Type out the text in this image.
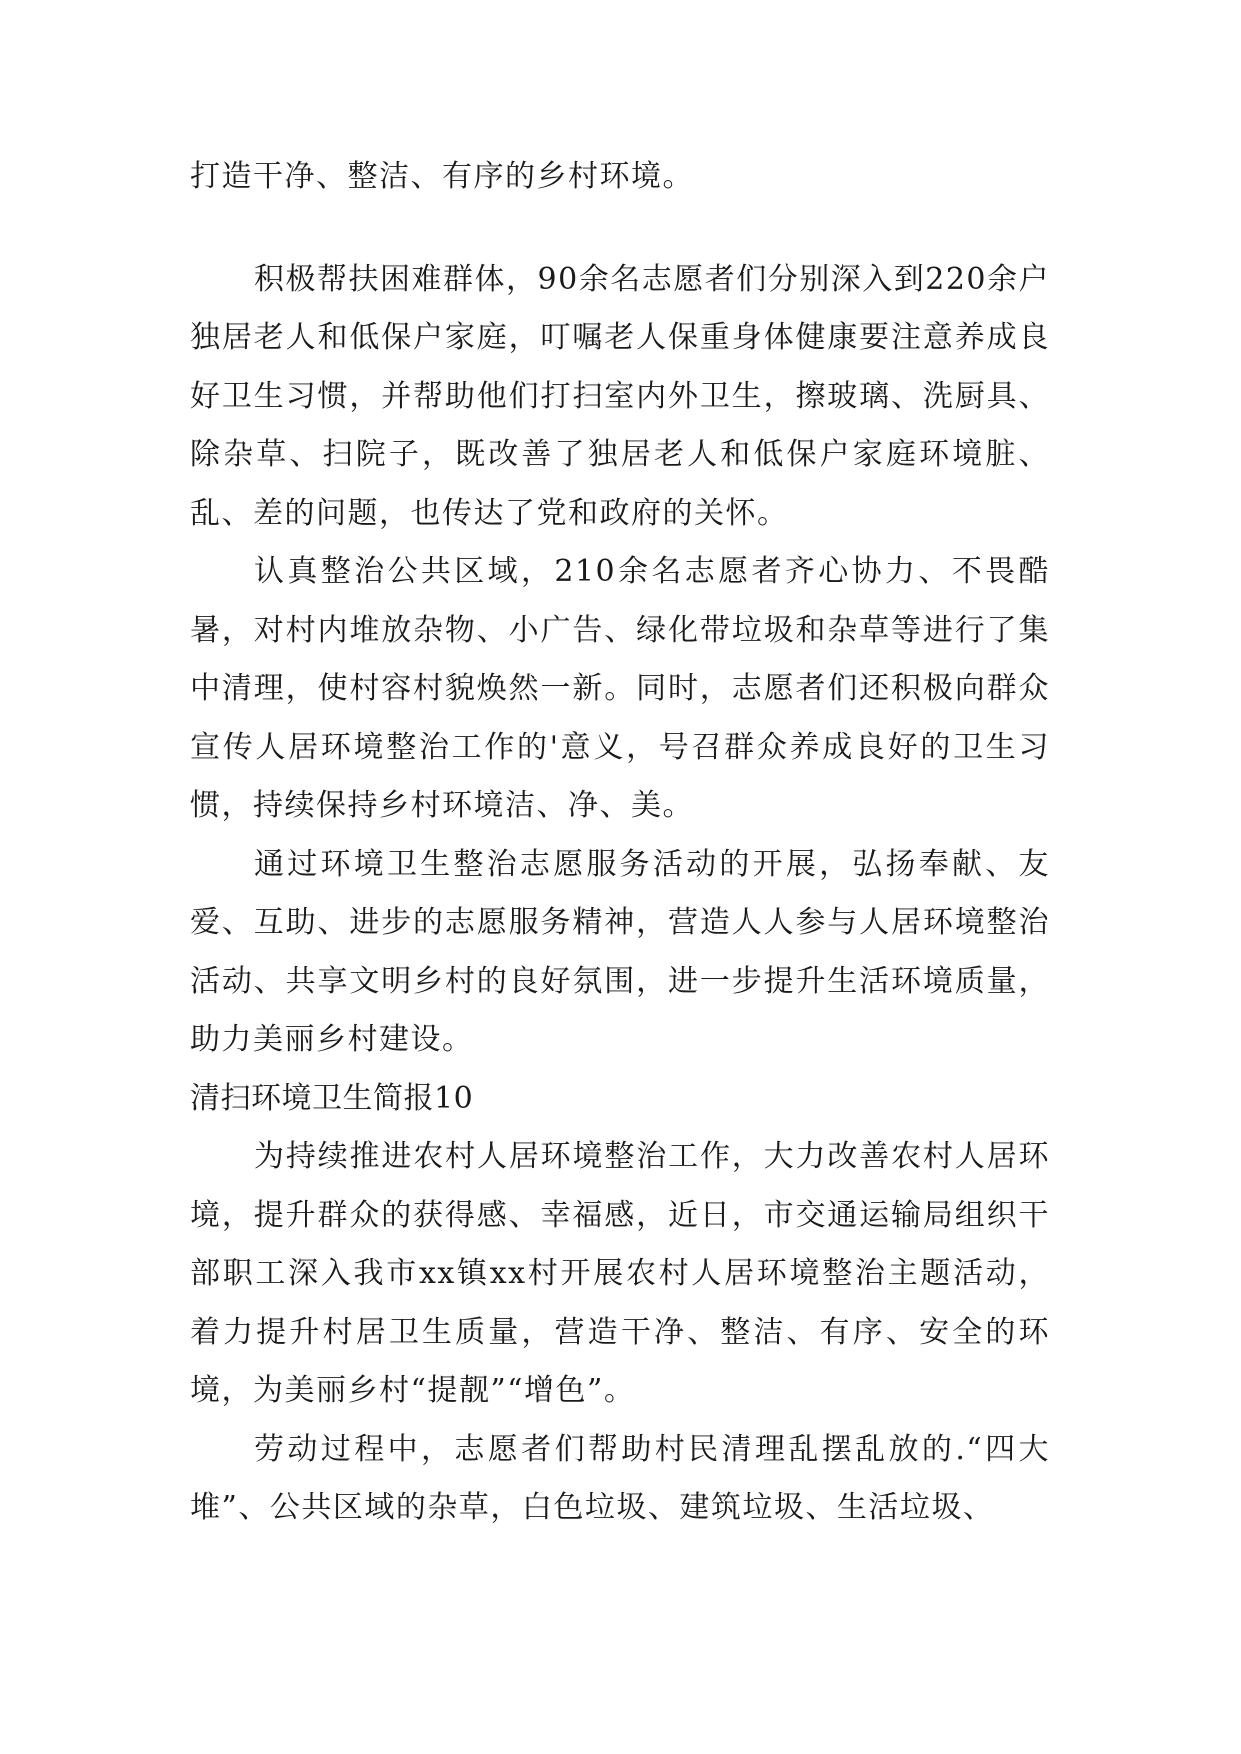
打造干净、整洁、有序的乡村环境。

积极帮扶困难群体，90余名志愿者们分别深入到220余户独居老人和低保户家庭，叮嘱老人保重身体健康要注意养成良好卫生习惯，并帮助他们打扫室内外卫生，擦玻璃、洗厨具、除杂草、扫院子，既改善了独居老人和低保户家庭环境脏、乱、差的问题，也传达了党和政府的关怀。

认真整治公共区域，210余名志愿者齐心协力、不畏酷暑，对村内堆放杂物、小广告、绿化带垃圾和杂草等进行了集中清理，使村容村貌焕然一新。同时，志愿者们还积极向群众宣传人居环境整治工作的'意义，号召群众养成良好的卫生习惯，持续保持乡村环境洁、净、美。

通过环境卫生整治志愿服务活动的开展，弘扬奉献、友爱、互助、进步的志愿服务精神，营造人人参与人居环境整治活动、共享文明乡村的良好氛围，进一步提升生活环境质量，助力美丽乡村建设。

清扫环境卫生简报10

为持续推进农村人居环境整治工作，大力改善农村人居环境，提升群众的获得感、幸福感，近日，市交通运输局组织干部职工深入我市xx镇xx村开展农村人居环境整治主题活动，着力提升村居卫生质量，营造干净、整洁、有序、安全的环境，为美丽乡村“提靓”“增色”。

劳动过程中，志愿者们帮助村民清理乱摆乱放的.“四大堆”、公共区域的杂草，白色垃圾、建筑垃圾、生活垃圾、
